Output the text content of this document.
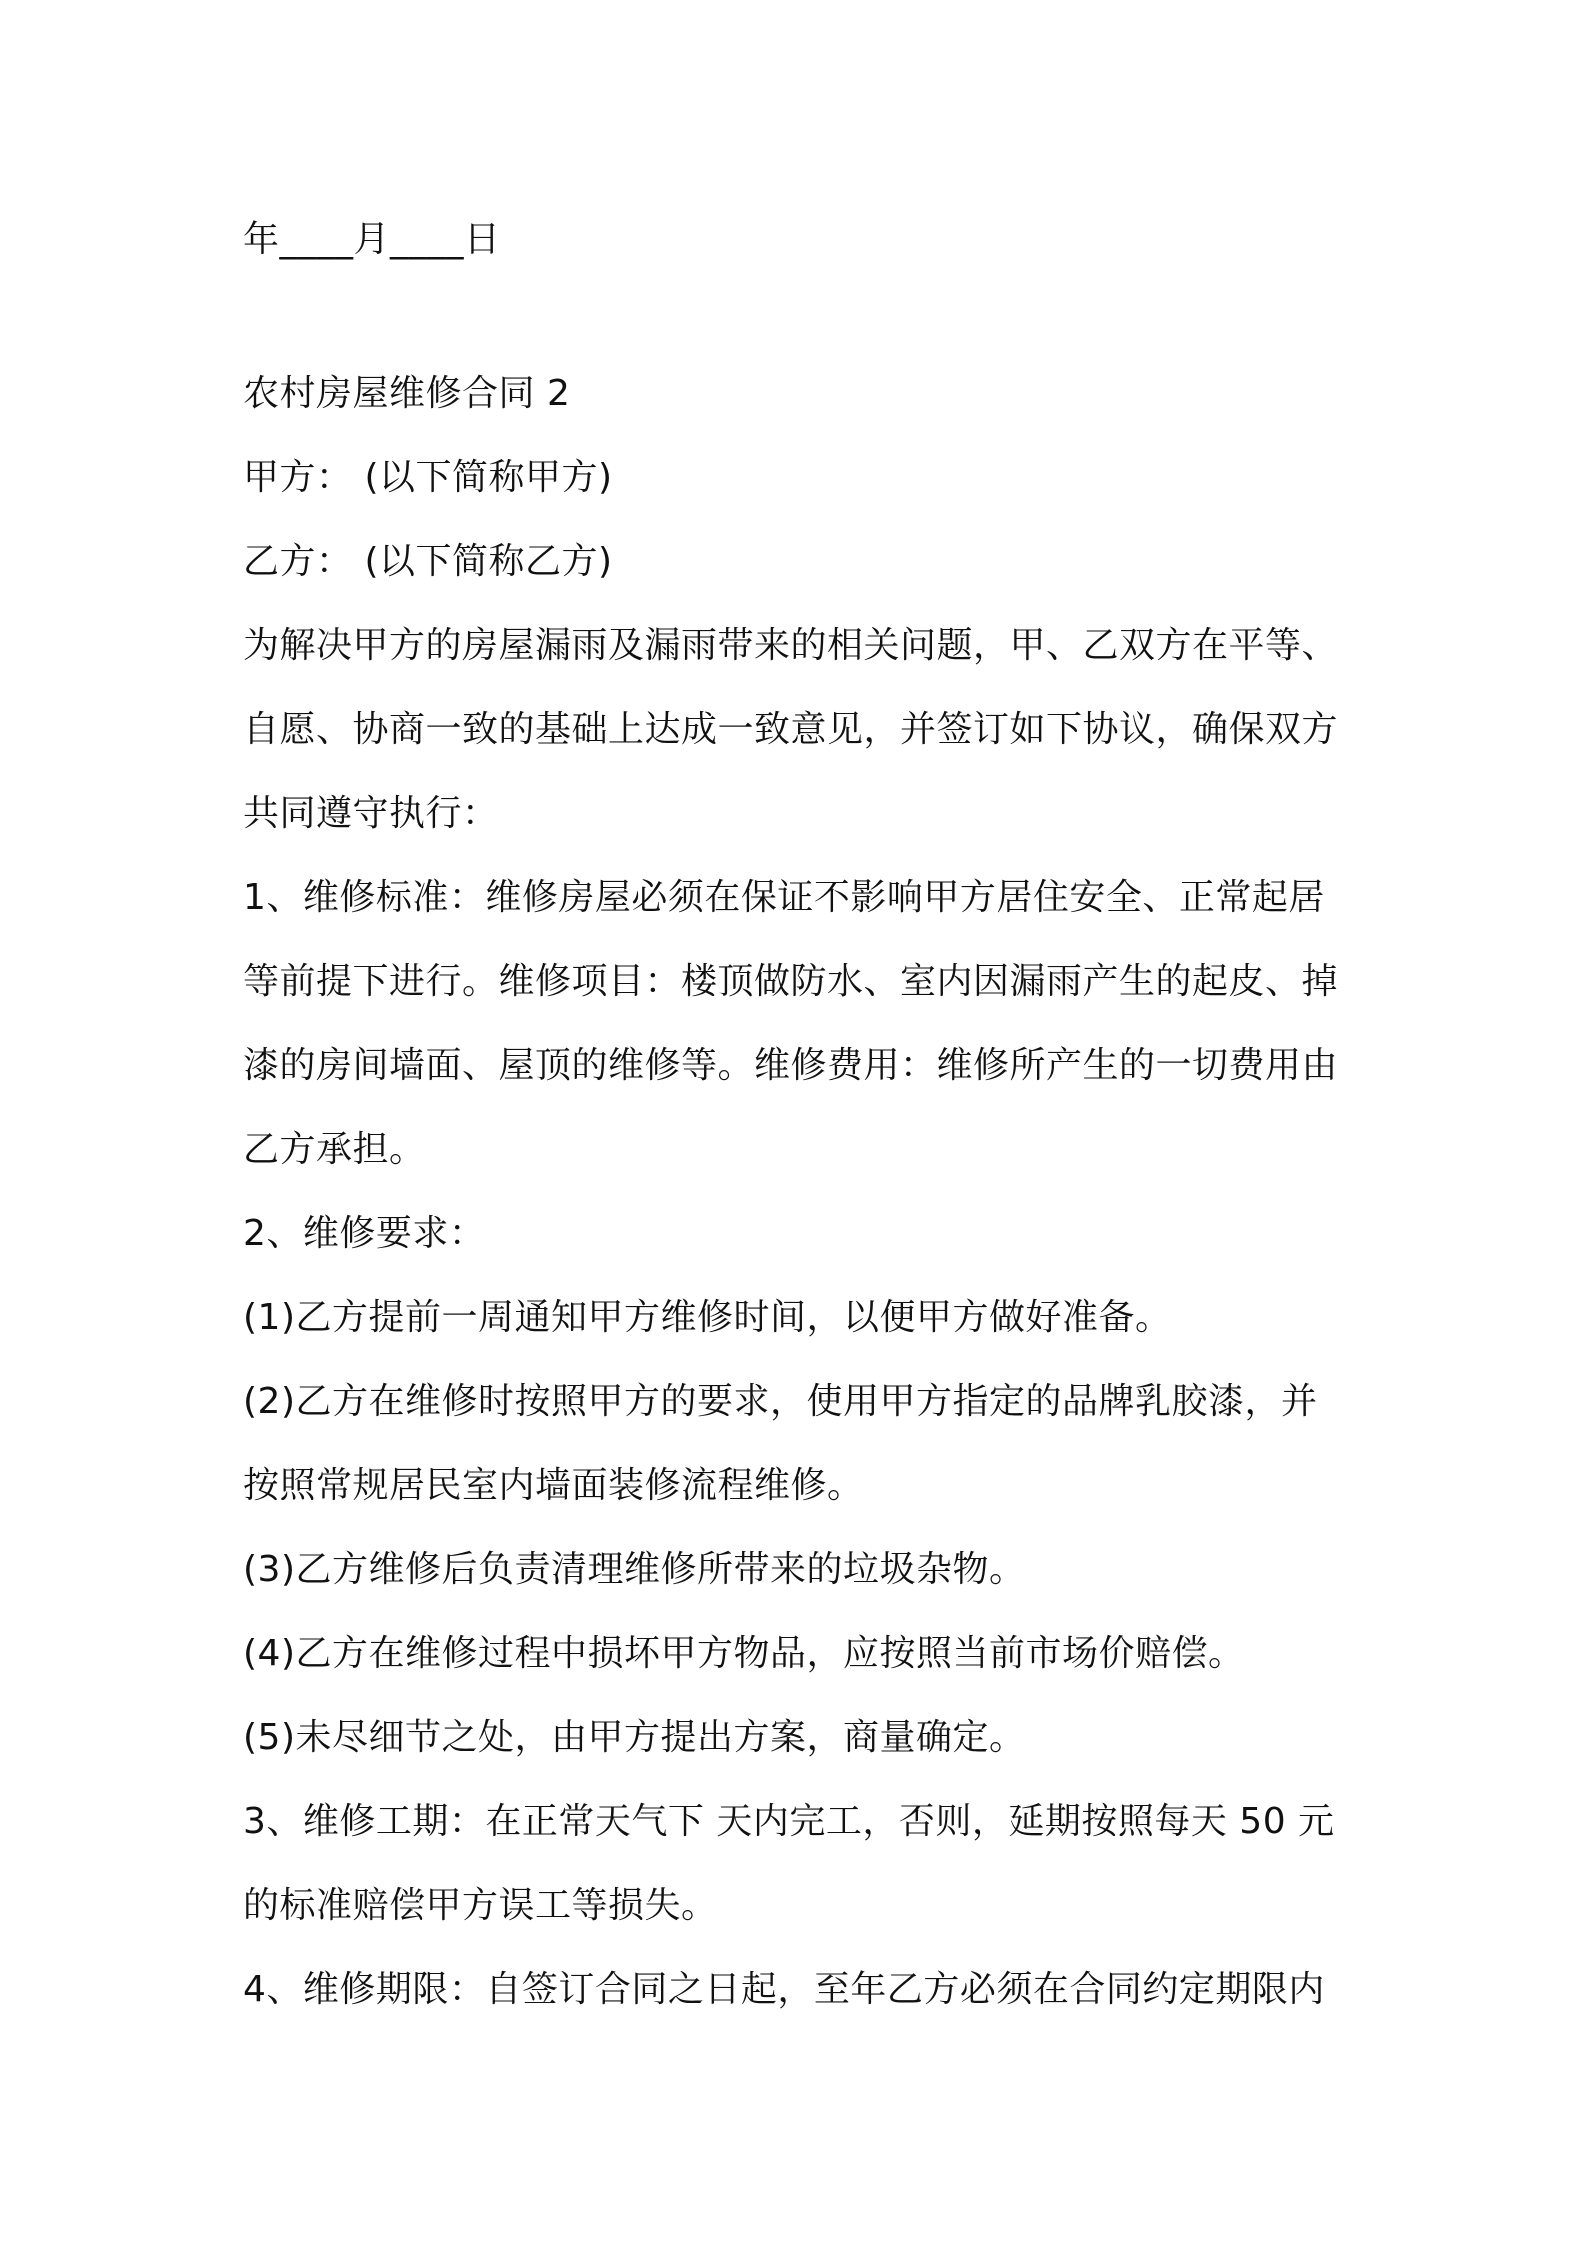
年____月____日
农村房屋维修合同 2
甲方： (以下简称甲方)
乙方： (以下简称乙方)
为解决甲方的房屋漏雨及漏雨带来的相关问题，甲、乙双方在平等、
自愿、协商一致的基础上达成一致意见，并签订如下协议，确保双方
共同遵守执行：
1、维修标准：维修房屋必须在保证不影响甲方居住安全、正常起居
等前提下进行。维修项目：楼顶做防水、室内因漏雨产生的起皮、掉
漆的房间墙面、屋顶的维修等。维修费用：维修所产生的一切费用由
乙方承担。
2、维修要求：
(1)乙方提前一周通知甲方维修时间，以便甲方做好准备。
(2)乙方在维修时按照甲方的要求，使用甲方指定的品牌乳胶漆，并
按照常规居民室内墙面装修流程维修。
(3)乙方维修后负责清理维修所带来的垃圾杂物。
(4)乙方在维修过程中损坏甲方物品，应按照当前市场价赔偿。
(5)未尽细节之处，由甲方提出方案，商量确定。
3、维修工期：在正常天气下 天内完工，否则，延期按照每天 50 元
的标准赔偿甲方误工等损失。
4、维修期限：自签订合同之日起，至年乙方必须在合同约定期限内
